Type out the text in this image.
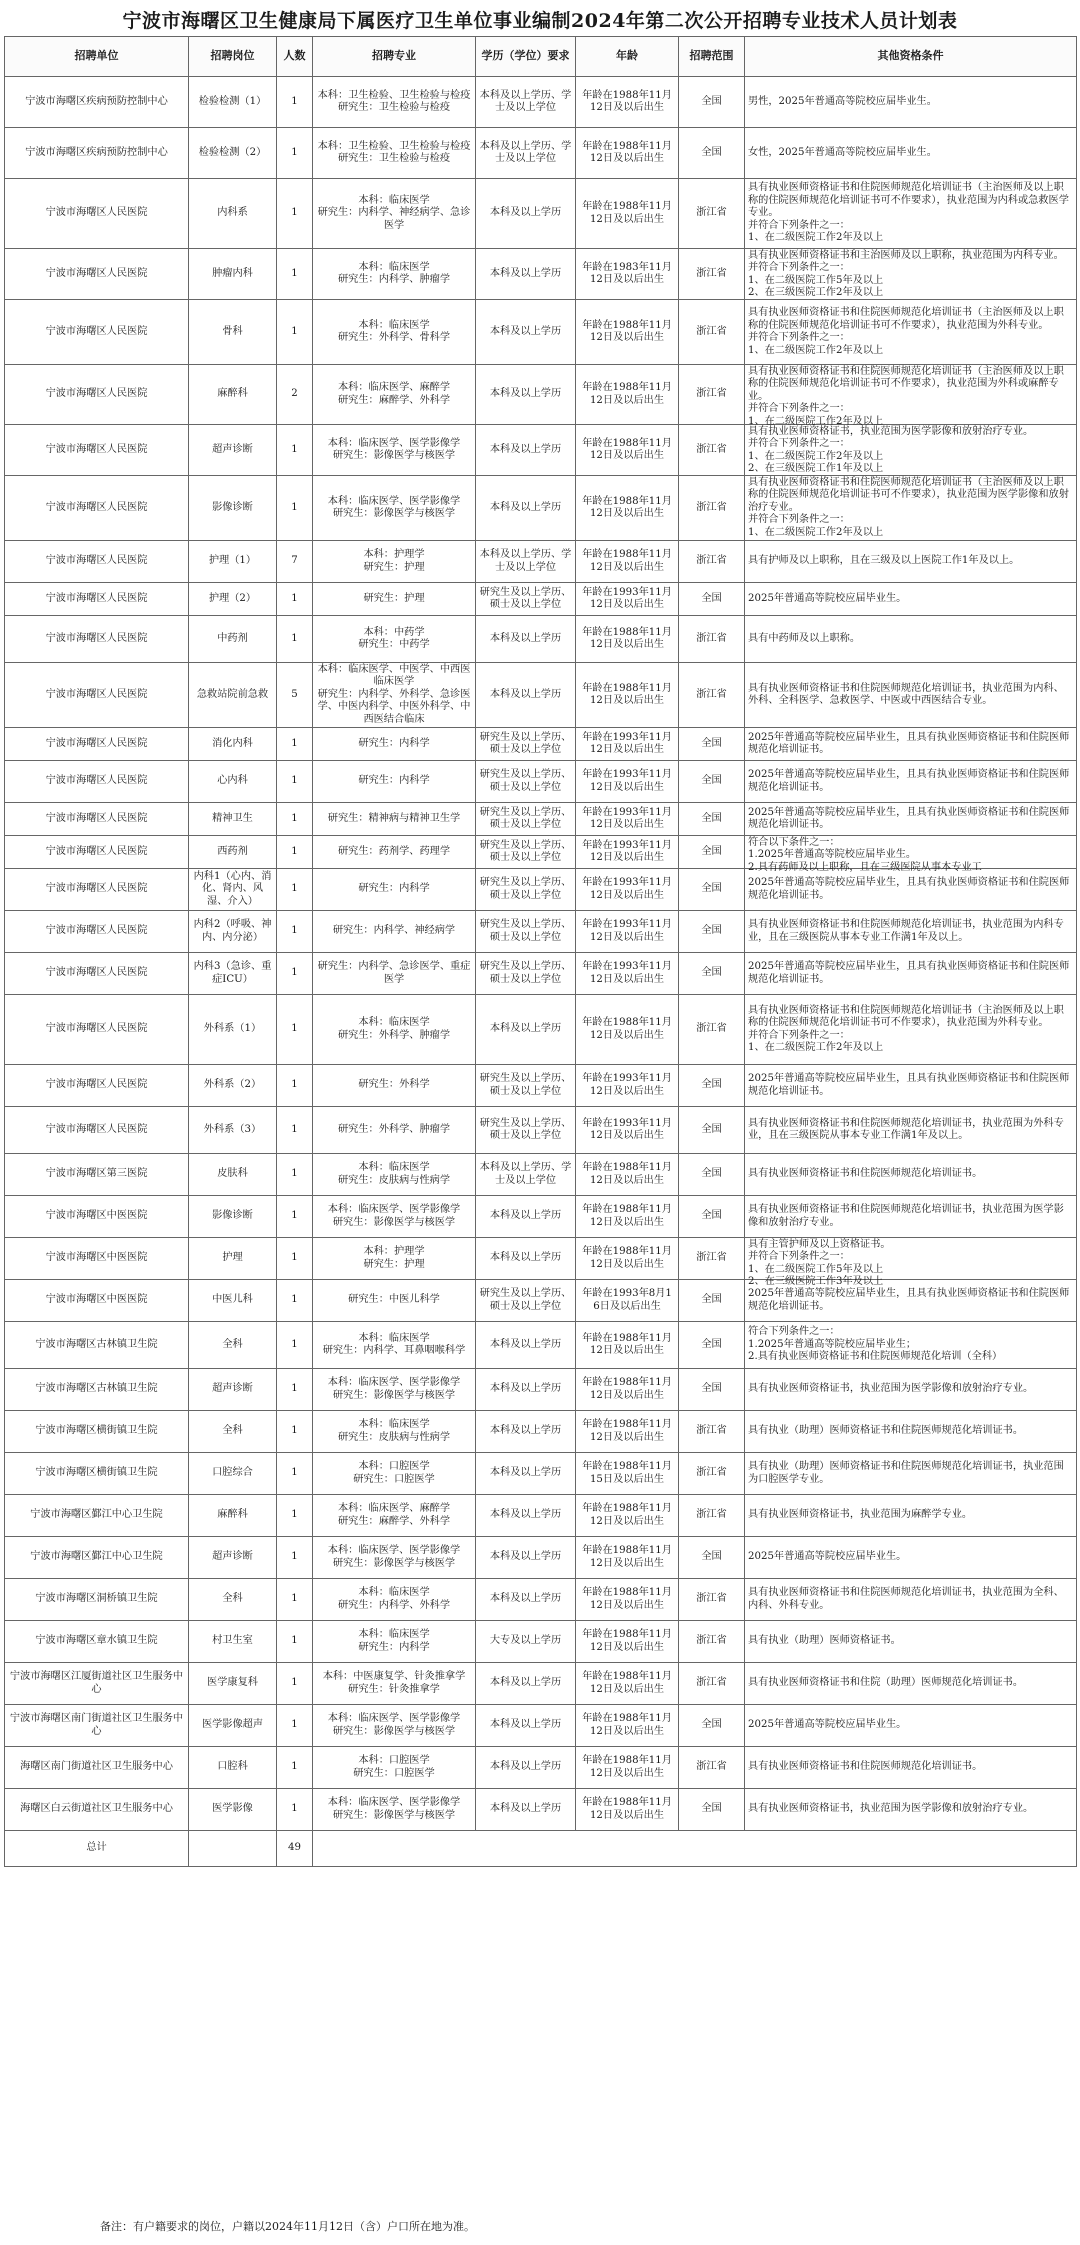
宁波市海曙区卫生健康局下属医疗卫生单位事业编制2024年第二次公开招聘专业技术人员计划表
招聘单位	招聘岗位	人数	招聘专业	学历（学位）要求	年龄	招聘范围	其他资格条件

宁波市海曙区疾病预防控制中心	检验检测（1）	1	本科：卫生检验、卫生检验与检疫
研究生：卫生检验与检疫	本科及以上学历、学士及以上学位	年龄在1988年11月12日及以后出生	全国	男性，2025年普通高等院校应届毕业生。

宁波市海曙区疾病预防控制中心	检验检测（2）	1	本科：卫生检验、卫生检验与检疫
研究生：卫生检验与检疫	本科及以上学历、学士及以上学位	年龄在1988年11月12日及以后出生	全国	女性，2025年普通高等院校应届毕业生。

宁波市海曙区人民医院	内科系	1	本科：临床医学
研究生：内科学、神经病学、急诊医学	本科及以上学历	年龄在1988年11月12日及以后出生	浙江省	具有执业医师资格证书和住院医师规范化培训证书（主治医师及以上职称的住院医师规范化培训证书可不作要求），执业范围为内科或急救医学专业。
并符合下列条件之一：
1、在二级医院工作2年及以上

宁波市海曙区人民医院	肿瘤内科	1	本科：临床医学
研究生：内科学、肿瘤学	本科及以上学历	年龄在1983年11月12日及以后出生	浙江省	具有执业医师资格证书和主治医师及以上职称，执业范围为内科专业。
并符合下列条件之一：
1、在二级医院工作5年及以上
2、在三级医院工作2年及以上

宁波市海曙区人民医院	骨科	1	本科：临床医学
研究生：外科学、骨科学	本科及以上学历	年龄在1988年11月12日及以后出生	浙江省	具有执业医师资格证书和住院医师规范化培训证书（主治医师及以上职称的住院医师规范化培训证书可不作要求），执业范围为外科专业。
并符合下列条件之一：
1、在二级医院工作2年及以上

宁波市海曙区人民医院	麻醉科	2	本科：临床医学、麻醉学
研究生：麻醉学、外科学	本科及以上学历	年龄在1988年11月12日及以后出生	浙江省	具有执业医师资格证书和住院医师规范化培训证书（主治医师及以上职称的住院医师规范化培训证书可不作要求），执业范围为外科或麻醉专业。
并符合下列条件之一：
1、在二级医院工作2年及以上

宁波市海曙区人民医院	超声诊断	1	本科：临床医学、医学影像学
研究生：影像医学与核医学	本科及以上学历	年龄在1988年11月12日及以后出生	浙江省	具有执业医师资格证书，执业范围为医学影像和放射治疗专业。
并符合下列条件之一：
1、在二级医院工作2年及以上
2、在三级医院工作1年及以上

宁波市海曙区人民医院	影像诊断	1	本科：临床医学、医学影像学
研究生：影像医学与核医学	本科及以上学历	年龄在1988年11月12日及以后出生	浙江省	具有执业医师资格证书和住院医师规范化培训证书（主治医师及以上职称的住院医师规范化培训证书可不作要求），执业范围为医学影像和放射治疗专业。
并符合下列条件之一：
1、在二级医院工作2年及以上

宁波市海曙区人民医院	护理（1）	7	本科：护理学
研究生：护理	本科及以上学历、学士及以上学位	年龄在1988年11月12日及以后出生	浙江省	具有护师及以上职称，且在三级及以上医院工作1年及以上。

宁波市海曙区人民医院	护理（2）	1	研究生：护理	研究生及以上学历、硕士及以上学位	年龄在1993年11月12日及以后出生	全国	2025年普通高等院校应届毕业生。

宁波市海曙区人民医院	中药剂	1	本科：中药学
研究生：中药学	本科及以上学历	年龄在1988年11月12日及以后出生	浙江省	具有中药师及以上职称。

宁波市海曙区人民医院	急救站院前急救	5	本科：临床医学、中医学、中西医临床医学
研究生：内科学、外科学、急诊医学、中医内科学、中医外科学、中西医结合临床	本科及以上学历	年龄在1988年11月12日及以后出生	浙江省	具有执业医师资格证书和住院医师规范化培训证书，执业范围为内科、外科、全科医学、急救医学、中医或中西医结合专业。

宁波市海曙区人民医院	消化内科	1	研究生：内科学	研究生及以上学历、硕士及以上学位	年龄在1993年11月12日及以后出生	全国	2025年普通高等院校应届毕业生，且具有执业医师资格证书和住院医师规范化培训证书。

宁波市海曙区人民医院	心内科	1	研究生：内科学	研究生及以上学历、硕士及以上学位	年龄在1993年11月12日及以后出生	全国	2025年普通高等院校应届毕业生，且具有执业医师资格证书和住院医师规范化培训证书。

宁波市海曙区人民医院	精神卫生	1	研究生：精神病与精神卫生学	研究生及以上学历、硕士及以上学位	年龄在1993年11月12日及以后出生	全国	2025年普通高等院校应届毕业生，且具有执业医师资格证书和住院医师规范化培训证书。

宁波市海曙区人民医院	西药剂	1	研究生：药剂学、药理学	研究生及以上学历、硕士及以上学位	年龄在1993年11月12日及以后出生	全国	符合以下条件之一：
1.2025年普通高等院校应届毕业生。
2.具有药师及以上职称，且在三级医院从事本专业工

宁波市海曙区人民医院	内科1（心内、消化、肾内、风湿、介入）	1	研究生：内科学	研究生及以上学历、硕士及以上学位	年龄在1993年11月12日及以后出生	全国	2025年普通高等院校应届毕业生，且具有执业医师资格证书和住院医师规范化培训证书。

宁波市海曙区人民医院	内科2（呼吸、神内、内分泌）	1	研究生：内科学、神经病学	研究生及以上学历、硕士及以上学位	年龄在1993年11月12日及以后出生	全国	具有执业医师资格证书和住院医师规范化培训证书，执业范围为内科专业，且在三级医院从事本专业工作满1年及以上。

宁波市海曙区人民医院	内科3（急诊、重症ICU）	1	研究生：内科学、急诊医学、重症医学	研究生及以上学历、硕士及以上学位	年龄在1993年11月12日及以后出生	全国	2025年普通高等院校应届毕业生，且具有执业医师资格证书和住院医师规范化培训证书。

宁波市海曙区人民医院	外科系（1）	1	本科：临床医学
研究生：外科学、肿瘤学	本科及以上学历	年龄在1988年11月12日及以后出生	浙江省	具有执业医师资格证书和住院医师规范化培训证书（主治医师及以上职称的住院医师规范化培训证书可不作要求），执业范围为外科专业。
并符合下列条件之一：
1、在二级医院工作2年及以上

宁波市海曙区人民医院	外科系（2）	1	研究生：外科学	研究生及以上学历、硕士及以上学位	年龄在1993年11月12日及以后出生	全国	2025年普通高等院校应届毕业生，且具有执业医师资格证书和住院医师规范化培训证书。

宁波市海曙区人民医院	外科系（3）	1	研究生：外科学、肿瘤学	研究生及以上学历、硕士及以上学位	年龄在1993年11月12日及以后出生	全国	具有执业医师资格证书和住院医师规范化培训证书，执业范围为外科专业，且在三级医院从事本专业工作满1年及以上。

宁波市海曙区第三医院	皮肤科	1	本科：临床医学
研究生：皮肤病与性病学	本科及以上学历、学士及以上学位	年龄在1988年11月12日及以后出生	全国	具有执业医师资格证书和住院医师规范化培训证书。

宁波市海曙区中医医院	影像诊断	1	本科：临床医学、医学影像学
研究生：影像医学与核医学	本科及以上学历	年龄在1988年11月12日及以后出生	全国	具有执业医师资格证书和住院医师规范化培训证书，执业范围为医学影像和放射治疗专业。

宁波市海曙区中医医院	护理	1	本科：护理学
研究生：护理	本科及以上学历	年龄在1988年11月12日及以后出生	浙江省	具有主管护师及以上资格证书。
并符合下列条件之一：
1、在二级医院工作5年及以上
2、在三级医院工作3年及以上

宁波市海曙区中医医院	中医儿科	1	研究生：中医儿科学	研究生及以上学历、硕士及以上学位	年龄在1993年8月16日及以后出生	全国	2025年普通高等院校应届毕业生，且具有执业医师资格证书和住院医师规范化培训证书。

宁波市海曙区古林镇卫生院	全科	1	本科：临床医学
研究生：内科学、耳鼻咽喉科学	本科及以上学历	年龄在1988年11月12日及以后出生	全国	符合下列条件之一：
1.2025年普通高等院校应届毕业生；
2.具有执业医师资格证书和住院医师规范化培训（全科）

宁波市海曙区古林镇卫生院	超声诊断	1	本科：临床医学、医学影像学
研究生：影像医学与核医学	本科及以上学历	年龄在1988年11月12日及以后出生	全国	具有执业医师资格证书，执业范围为医学影像和放射治疗专业。

宁波市海曙区横街镇卫生院	全科	1	本科：临床医学
研究生：皮肤病与性病学	本科及以上学历	年龄在1988年11月12日及以后出生	浙江省	具有执业（助理）医师资格证书和住院医师规范化培训证书。

宁波市海曙区横街镇卫生院	口腔综合	1	本科：口腔医学
研究生：口腔医学	本科及以上学历	年龄在1988年11月15日及以后出生	浙江省	具有执业（助理）医师资格证书和住院医师规范化培训证书，执业范围为口腔医学专业。

宁波市海曙区鄞江中心卫生院	麻醉科	1	本科：临床医学、麻醉学
研究生：麻醉学、外科学	本科及以上学历	年龄在1988年11月12日及以后出生	浙江省	具有执业医师资格证书，执业范围为麻醉学专业。

宁波市海曙区鄞江中心卫生院	超声诊断	1	本科：临床医学、医学影像学
研究生：影像医学与核医学	本科及以上学历	年龄在1988年11月12日及以后出生	全国	2025年普通高等院校应届毕业生。

宁波市海曙区洞桥镇卫生院	全科	1	本科：临床医学
研究生：内科学、外科学	本科及以上学历	年龄在1988年11月12日及以后出生	浙江省	具有执业医师资格证书和住院医师规范化培训证书，执业范围为全科、内科、外科专业。

宁波市海曙区章水镇卫生院	村卫生室	1	本科：临床医学
研究生：内科学	大专及以上学历	年龄在1988年11月12日及以后出生	浙江省	具有执业（助理）医师资格证书。

宁波市海曙区江厦街道社区卫生服务中心	医学康复科	1	本科：中医康复学、针灸推拿学
研究生：针灸推拿学	本科及以上学历	年龄在1988年11月12日及以后出生	浙江省	具有执业医师资格证书和住院（助理）医师规范化培训证书。

宁波市海曙区南门街道社区卫生服务中心	医学影像超声	1	本科：临床医学、医学影像学
研究生：影像医学与核医学	本科及以上学历	年龄在1988年11月12日及以后出生	全国	2025年普通高等院校应届毕业生。

海曙区南门街道社区卫生服务中心	口腔科	1	本科：口腔医学
研究生：口腔医学	本科及以上学历	年龄在1988年11月12日及以后出生	浙江省	具有执业医师资格证书和住院医师规范化培训证书。

海曙区白云街道社区卫生服务中心	医学影像	1	本科：临床医学、医学影像学
研究生：影像医学与核医学	本科及以上学历	年龄在1988年11月12日及以后出生	全国	具有执业医师资格证书，执业范围为医学影像和放射治疗专业。

总计		49					
备注：有户籍要求的岗位，户籍以2024年11月12日（含）户口所在地为准。
